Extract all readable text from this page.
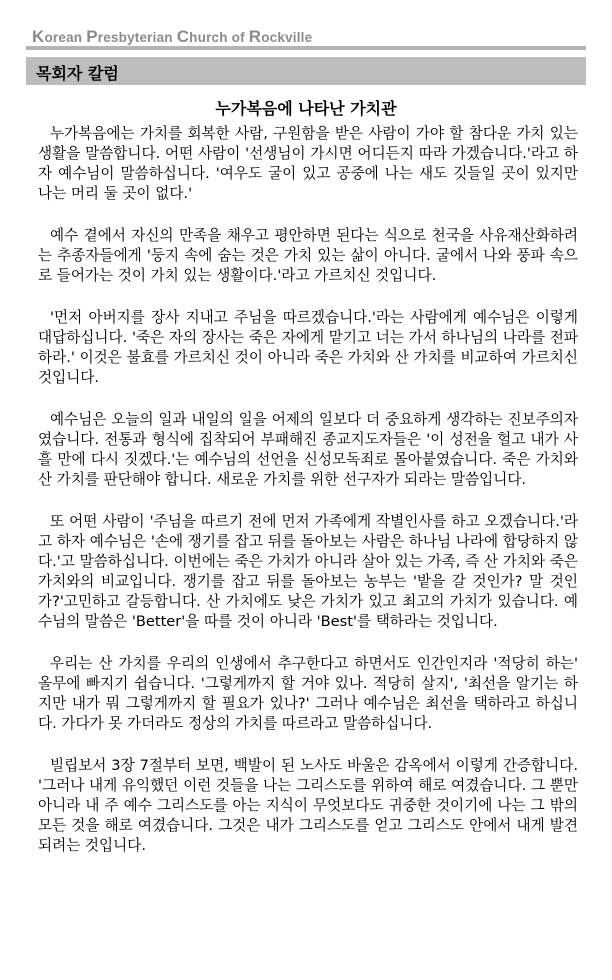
Korean Presbyterian Church of Rockville
목회자 칼럼
누가복음에 나타난 가치관

누가복음에는 가치를 회복한 사람, 구원함을 받은 사람이 가야 할 참다운 가치 있는 생활을 말씀합니다. 어떤 사람이 '선생님이 가시면 어디든지 따라 가겠습니다.'라고 하자 예수님이 말씀하십니다. '여우도 굴이 있고 공중에 나는 새도 깃들일 곳이 있지만 나는 머리 둘 곳이 없다.'

예수 곁에서 자신의 만족을 채우고 평안하면 된다는 식으로 천국을 사유재산화하려는 추종자들에게 '둥지 속에 숨는 것은 가치 있는 삶이 아니다. 굴에서 나와 풍파 속으로 들어가는 것이 가치 있는 생활이다.'라고 가르치신 것입니다.

'먼저 아버지를 장사 지내고 주님을 따르겠습니다.'라는 사람에게 예수님은 이렇게 대답하십니다. '죽은 자의 장사는 죽은 자에게 맡기고 너는 가서 하나님의 나라를 전파하라.' 이것은 불효를 가르치신 것이 아니라 죽은 가치와 산 가치를 비교하여 가르치신 것입니다.

예수님은 오늘의 일과 내일의 일을 어제의 일보다 더 중요하게 생각하는 진보주의자였습니다. 전통과 형식에 집착되어 부패해진 종교지도자들은 '이 성전을 헐고 내가 사흘 만에 다시 짓겠다.'는 예수님의 선언을 신성모독죄로 몰아붙였습니다. 죽은 가치와 산 가치를 판단해야 합니다. 새로운 가치를 위한 선구자가 되라는 말씀입니다.

또 어떤 사람이 '주님을 따르기 전에 먼저 가족에게 작별인사를 하고 오겠습니다.'라고 하자 예수님은 '손에 쟁기를 잡고 뒤를 돌아보는 사람은 하나님 나라에 합당하지 않다.'고 말씀하십니다. 이번에는 죽은 가치가 아니라 살아 있는 가족, 즉 산 가치와 죽은 가치와의 비교입니다. 쟁기를 잡고 뒤를 돌아보는 농부는 '밭을 갈 것인가? 말 것인가?'고민하고 갈등합니다. 산 가치에도 낮은 가치가 있고 최고의 가치가 있습니다. 예수님의 말씀은 'Better'을 따를 것이 아니라 'Best'를 택하라는 것입니다.

우리는 산 가치를 우리의 인생에서 추구한다고 하면서도 인간인지라 '적당히 하는' 올무에 빠지기 쉽습니다. '그렇게까지 할 거야 있나. 적당히 살지', '최선을 알기는 하지만 내가 뭐 그렇게까지 할 필요가 있나?' 그러나 예수님은 최선을 택하라고 하십니다. 가다가 못 가더라도 정상의 가치를 따르라고 말씀하십니다.

빌립보서 3장 7절부터 보면, 백발이 된 노사도 바울은 감옥에서 이렇게 간증합니다. '그러나 내게 유익했던 이런 것들을 나는 그리스도를 위하여 해로 여겼습니다. 그 뿐만 아니라 내 주 예수 그리스도를 아는 지식이 무엇보다도 귀중한 것이기에 나는 그 밖의 모든 것을 해로 여겼습니다. 그것은 내가 그리스도를 얻고 그리스도 안에서 내게 발견되려는 것입니다.
